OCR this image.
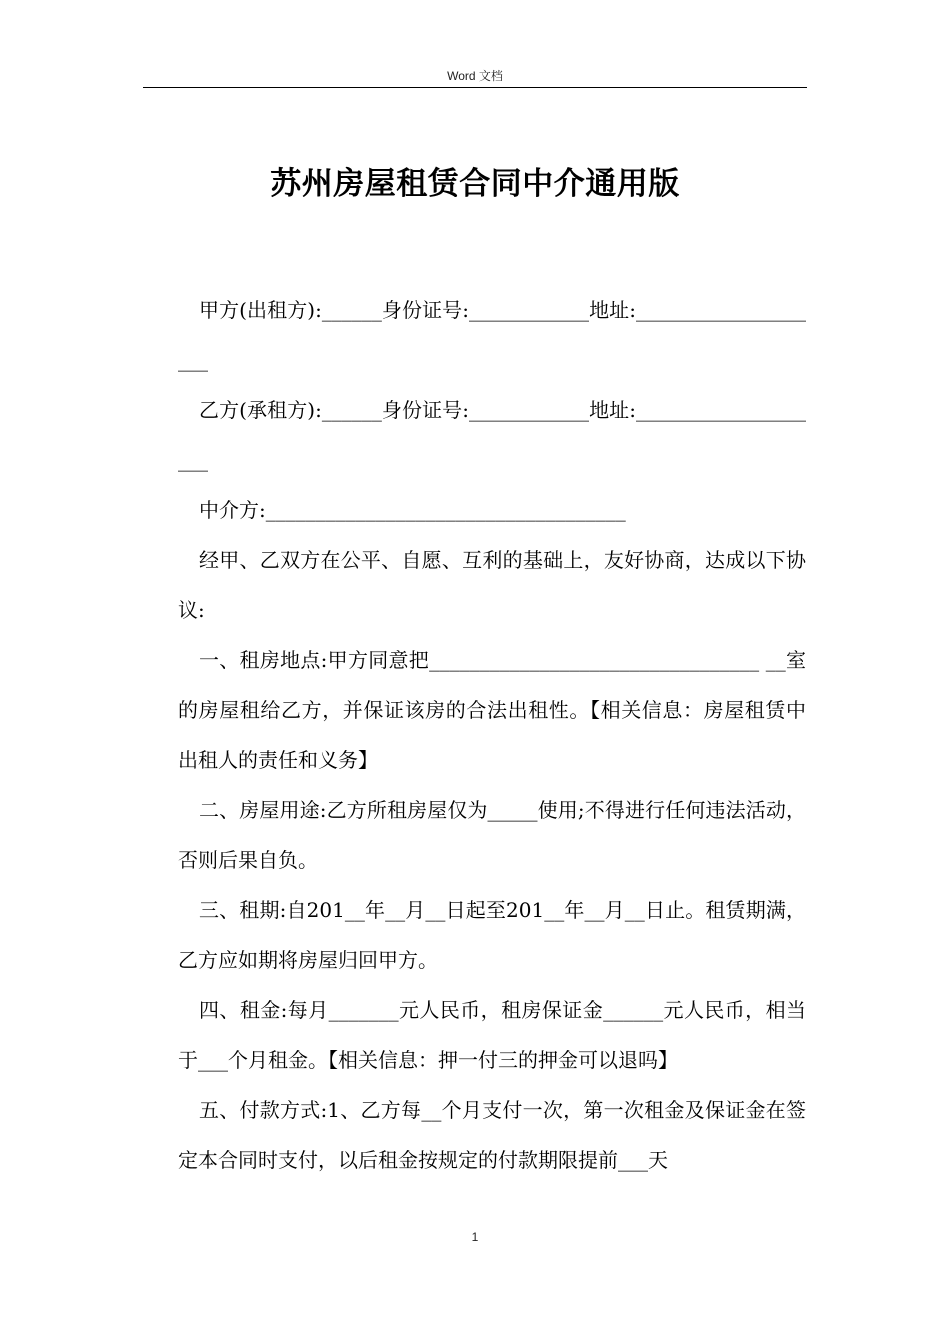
Word 文档
苏州房屋租赁合同中介通用版

甲方(出租方):______身份证号:____________地址:____________________

乙方(承租方):______身份证号:____________地址:____________________

中介方:____________________________________

经甲、乙双方在公平、自愿、互利的基础上，友好协商，达成以下协议:

一、租房地点:甲方同意把_________________________________ __室的房屋租给乙方，并保证该房的合法出租性。【相关信息：房屋租赁中出租人的责任和义务】

二、房屋用途:乙方所租房屋仅为_____使用;不得进行任何违法活动，否则后果自负。

三、租期:自201__年__月__日起至201__年__月__日止。租赁期满，乙方应如期将房屋归回甲方。

四、租金:每月_______元人民币，租房保证金______元人民币，相当于___个月租金。【相关信息：押一付三的押金可以退吗】

五、付款方式:1、乙方每__个月支付一次，第一次租金及保证金在签定本合同时支付，以后租金按规定的付款期限提前___天

1
